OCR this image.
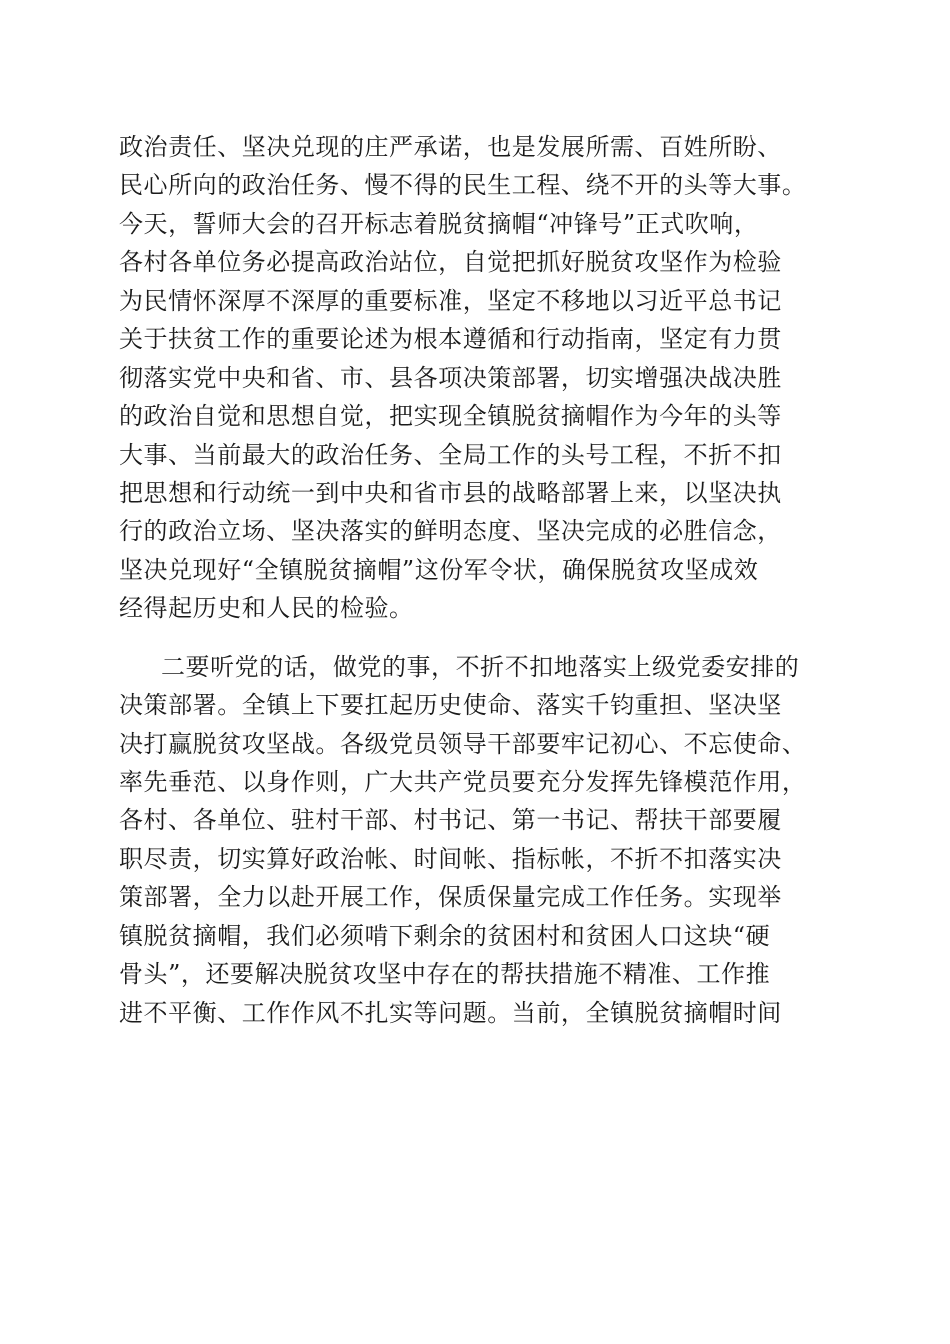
政治责任、坚决兑现的庄严承诺，也是发展所需、百姓所盼、
民心所向的政治任务、慢不得的民生工程、绕不开的头等大事。
今天，誓师大会的召开标志着脱贫摘帽“冲锋号”正式吹响，
各村各单位务必提高政治站位，自觉把抓好脱贫攻坚作为检验
为民情怀深厚不深厚的重要标准，坚定不移地以习近平总书记
关于扶贫工作的重要论述为根本遵循和行动指南，坚定有力贯
彻落实党中央和省、市、县各项决策部署，切实增强决战决胜
的政治自觉和思想自觉，把实现全镇脱贫摘帽作为今年的头等
大事、当前最大的政治任务、全局工作的头号工程，不折不扣
把思想和行动统一到中央和省市县的战略部署上来，以坚决执
行的政治立场、坚决落实的鲜明态度、坚决完成的必胜信念，
坚决兑现好“全镇脱贫摘帽”这份军令状，确保脱贫攻坚成效
经得起历史和人民的检验。
二要听党的话，做党的事，不折不扣地落实上级党委安排的
决策部署。全镇上下要扛起历史使命、落实千钧重担、坚决坚
决打赢脱贫攻坚战。各级党员领导干部要牢记初心、不忘使命、
率先垂范、以身作则，广大共产党员要充分发挥先锋模范作用，
各村、各单位、驻村干部、村书记、第一书记、帮扶干部要履
职尽责，切实算好政治帐、时间帐、指标帐，不折不扣落实决
策部署，全力以赴开展工作，保质保量完成工作任务。实现举
镇脱贫摘帽，我们必须啃下剩余的贫困村和贫困人口这块“硬
骨头”，还要解决脱贫攻坚中存在的帮扶措施不精准、工作推
进不平衡、工作作风不扎实等问题。当前，全镇脱贫摘帽时间
